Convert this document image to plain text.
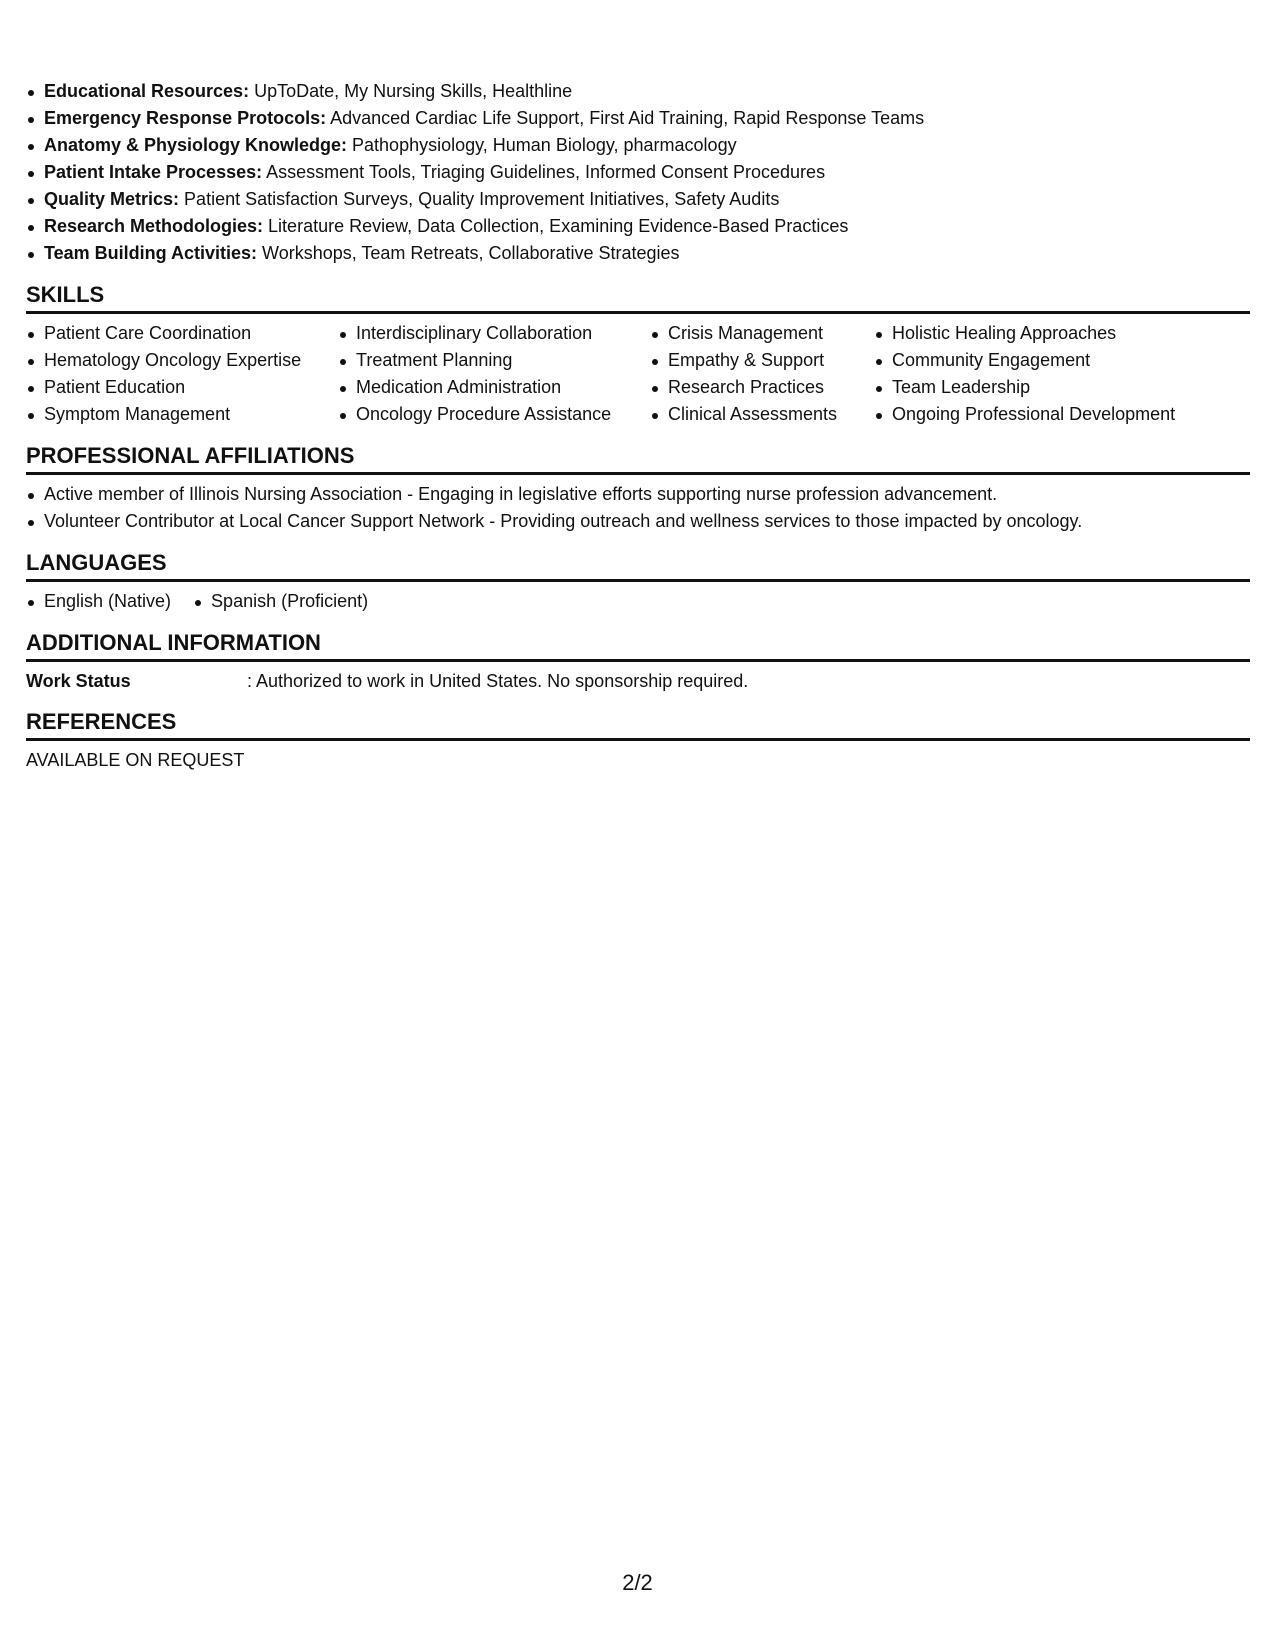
Educational Resources: UpToDate, My Nursing Skills, Healthline
Emergency Response Protocols: Advanced Cardiac Life Support, First Aid Training, Rapid Response Teams
Anatomy & Physiology Knowledge: Pathophysiology, Human Biology, pharmacology
Patient Intake Processes: Assessment Tools, Triaging Guidelines, Informed Consent Procedures
Quality Metrics: Patient Satisfaction Surveys, Quality Improvement Initiatives, Safety Audits
Research Methodologies: Literature Review, Data Collection, Examining Evidence-Based Practices
Team Building Activities: Workshops, Team Retreats, Collaborative Strategies
SKILLS
Patient Care Coordination
Hematology Oncology Expertise
Patient Education
Symptom Management
Interdisciplinary Collaboration
Treatment Planning
Medication Administration
Oncology Procedure Assistance
Crisis Management
Empathy & Support
Research Practices
Clinical Assessments
Holistic Healing Approaches
Community Engagement
Team Leadership
Ongoing Professional Development
PROFESSIONAL AFFILIATIONS
Active member of Illinois Nursing Association - Engaging in legislative efforts supporting nurse profession advancement.
Volunteer Contributor at Local Cancer Support Network - Providing outreach and wellness services to those impacted by oncology.
LANGUAGES
English (Native)	Spanish (Proficient)
ADDITIONAL INFORMATION
Work Status	: Authorized to work in United States. No sponsorship required.
REFERENCES
AVAILABLE ON REQUEST
2/2
